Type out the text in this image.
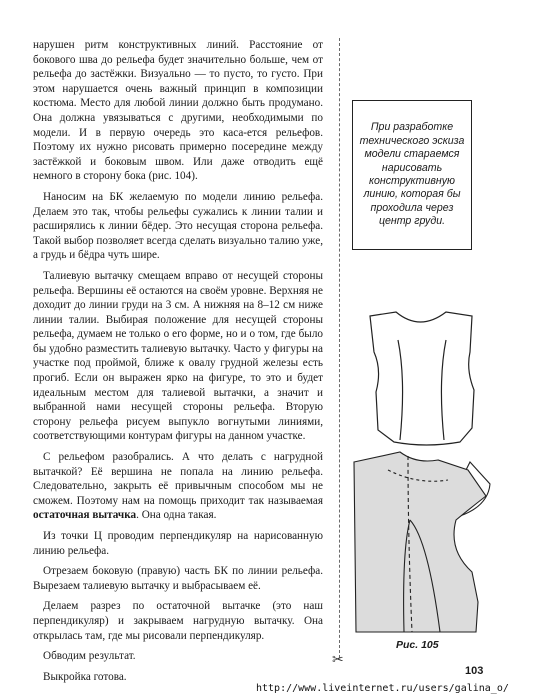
нарушен ритм конструктивных линий. Расстояние от бокового шва до рельефа будет значительно больше, чем от рельефа до застёжки. Визуально — то пусто, то густо. При этом нарушается очень важный принцип в композиции костюма. Место для любой линии должно быть продумано. Она должна увязываться с другими, необходимыми по модели. И в первую очередь это каса-ется рельефов. Поэтому их нужно рисовать примерно посередине между застёжкой и боковым швом. Или даже отводить ещё немного в сторону бока (рис. 104).

Наносим на БК желаемую по модели линию рельефа. Делаем это так, чтобы рельефы сужались к линии талии и расширялись к линии бёдер. Это несущая сторона рельефа. Такой выбор позволяет всегда сделать визуально талию уже, а грудь и бёдра чуть шире.

Талиевую вытачку смещаем вправо от несущей стороны рельефа. Вершины её остаются на своём уровне. Верхняя не доходит до линии груди на 3 см. А нижняя на 8–12 см ниже линии талии. Выбирая положение для несущей стороны рельефа, думаем не только о его форме, но и о том, где было бы удобно разместить талиевую вытачку. Часто у фигуры на участке под проймой, ближе к овалу грудной железы есть прогиб. Если он выражен ярко на фигуре, то это и будет идеальным местом для талиевой вытачки, а значит и выбранной нами несущей стороны рельефа. Вторую сторону рельефа рисуем выпукло вогнутыми линиями, соответствующими контурам фигуры на данном участке.

С рельефом разобрались. А что делать с нагрудной вытачкой? Её вершина не попала на линию рельефа. Следовательно, закрыть её привычным способом мы не сможем. Поэтому нам на помощь приходит так называемая остаточная вытачка. Она одна такая.

Из точки Ц проводим перпендикуляр на нарисованную линию рельефа.

Отрезаем боковую (правую) часть БК по линии рельефа. Вырезаем талиевую вытачку и выбрасываем её.

Делаем разрез по остаточной вытачке (это наш перпендикуляр) и закрываем нагрудную вытачку. Она открылась там, где мы рисовали перпендикуляр.

Обводим результат.

Выкройка готова.

✂
При разработке технического эскиза модели стараемся нарисовать конструктивную линию, которая бы проходила через центр груди.
Рис. 105
103
http://www.liveinternet.ru/users/galina_o/
